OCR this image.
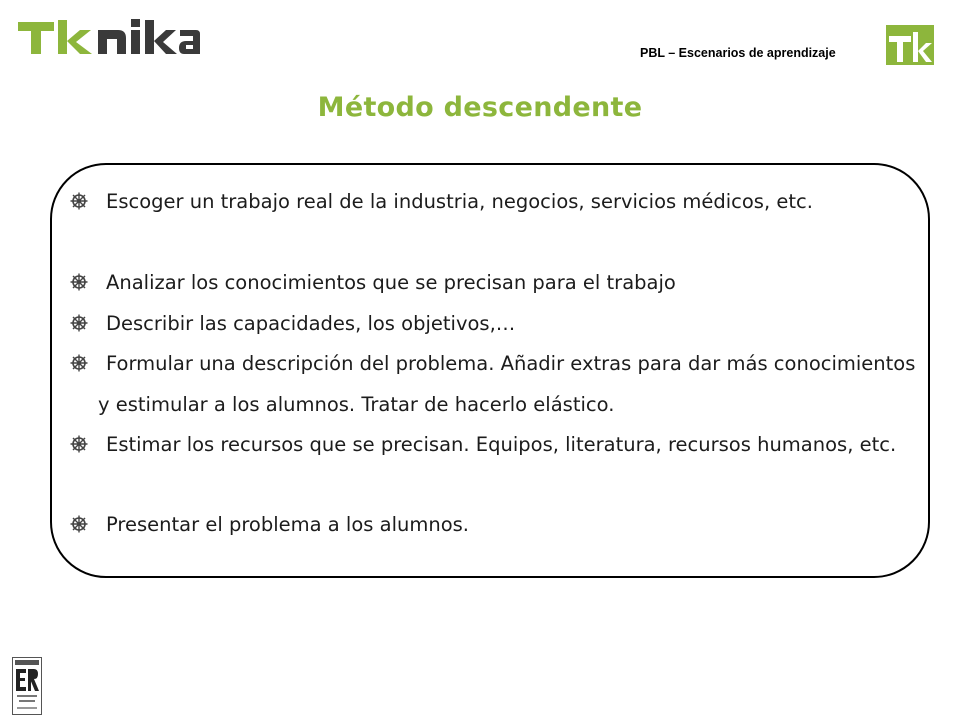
PBL – Escenarios de aprendizaje
Método descendente
Escoger un trabajo real de la industria, negocios, servicios médicos, etc.
Analizar los conocimientos que se precisan para el trabajo
Describir las capacidades, los objetivos,…
Formular una descripción del problema. Añadir extras para dar más conocimientos y estimular a los alumnos. Tratar de hacerlo elástico.
Estimar los recursos que se precisan. Equipos, literatura, recursos humanos, etc.
Presentar el problema a los alumnos.
